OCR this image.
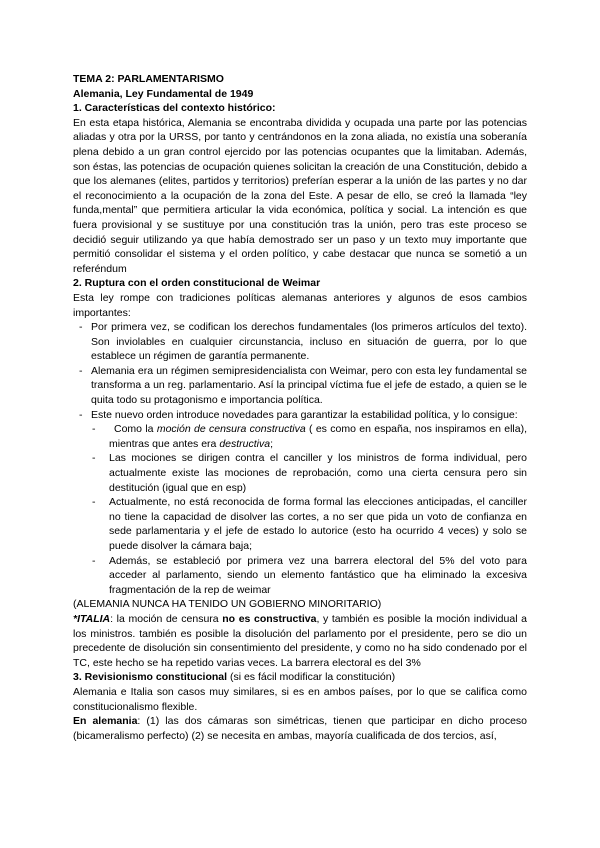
TEMA 2: PARLAMENTARISMO

Alemania, Ley Fundamental de 1949

1. Características del contexto histórico:

En esta etapa histórica, Alemania se encontraba dividida y ocupada una parte por las potencias aliadas y otra por la URSS, por tanto y centrándonos en la zona aliada, no existía una soberanía plena debido a un gran control ejercido por las potencias ocupantes que la limitaban. Además, son éstas, las potencias de ocupación quienes solicitan la creación de una Constitución, debido a que los alemanes (elites, partidos y territorios) preferían esperar a la unión de las partes y no dar el reconocimiento a la ocupación de la zona del Este. A pesar de ello, se creó la llamada “ley funda,mental” que permitiera articular la vida económica, política y social. La intención es que fuera provisional y se sustituye por una constitución tras la unión, pero tras este proceso se decidió seguir utilizando ya que había demostrado ser un paso y un texto muy importante que permitió consolidar el sistema y el orden político, y cabe destacar que nunca se sometió a un referéndum

2. Ruptura con el orden constitucional de Weimar

Esta ley rompe con tradiciones políticas alemanas anteriores y algunos de esos cambios importantes:

- Por primera vez, se codifican los derechos fundamentales (los primeros artículos del texto). Son inviolables en cualquier circunstancia, incluso en situación de guerra, por lo que establece un régimen de garantía permanente.
- Alemania era un régimen semipresidencialista con Weimar, pero con esta ley fundamental se transforma a un reg. parlamentario. Así la principal víctima fue el jefe de estado, a quien se le quita todo su protagonismo e importancia política.
- Este nuevo orden introduce novedades para garantizar la estabilidad política, y lo consigue:
- Como la moción de censura constructiva ( es como en españa, nos inspiramos en ella), mientras que antes era destructiva;
- Las mociones se dirigen contra el canciller y los ministros de forma individual, pero actualmente existe las mociones de reprobación, como una cierta censura pero sin destitución (igual que en esp)
- Actualmente, no está reconocida de forma formal las elecciones anticipadas, el canciller no tiene la capacidad de disolver las cortes, a no ser que pida un voto de confianza en sede parlamentaria y el jefe de estado lo autorice (esto ha ocurrido 4 veces) y solo se puede disolver la cámara baja;
- Además, se estableció por primera vez una barrera electoral del 5% del voto para acceder al parlamento, siendo un elemento fantástico que ha eliminado la excesiva fragmentación de la rep de weimar

(ALEMANIA NUNCA HA TENIDO UN GOBIERNO MINORITARIO)

*ITALIA: la moción de censura no es constructiva, y también es posible la moción individual a los ministros. también es posible la disolución del parlamento por el presidente, pero se dio un precedente de disolución sin consentimiento del presidente, y como no ha sido condenado por el TC, este hecho se ha repetido varias veces. La barrera electoral es del 3%

3. Revisionismo constitucional (si es fácil modificar la constitución)

Alemania e Italia son casos muy similares, si es en ambos países, por lo que se califica como constitucionalismo flexible.

En alemania: (1) las dos cámaras son simétricas, tienen que participar en dicho proceso (bicameralismo perfecto) (2) se necesita en ambas, mayoría cualificada de dos tercios, así,
